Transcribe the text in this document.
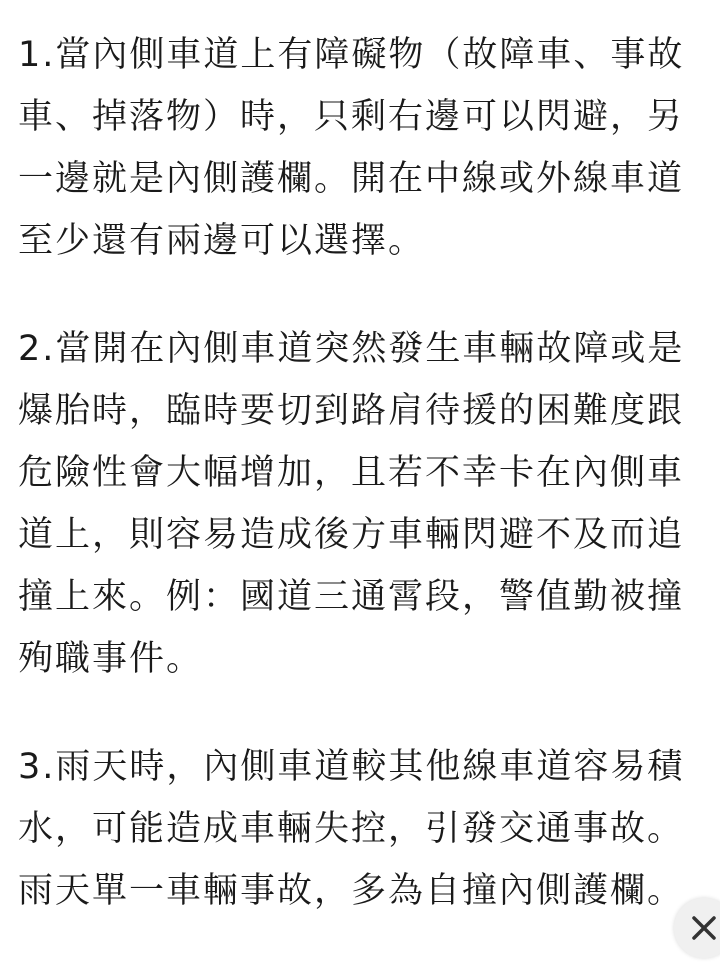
1.當內側車道上有障礙物（故障車、事故車、掉落物）時，只剩右邊可以閃避，另一邊就是內側護欄。開在中線或外線車道至少還有兩邊可以選擇。

2.當開在內側車道突然發生車輛故障或是爆胎時，臨時要切到路肩待援的困難度跟危險性會大幅增加，且若不幸卡在內側車道上，則容易造成後方車輛閃避不及而追撞上來。例：國道三通霄段，警值勤被撞殉職事件。

3.雨天時，內側車道較其他線車道容易積水，可能造成車輛失控，引發交通事故。雨天單一車輛事故，多為自撞內側護欄。
